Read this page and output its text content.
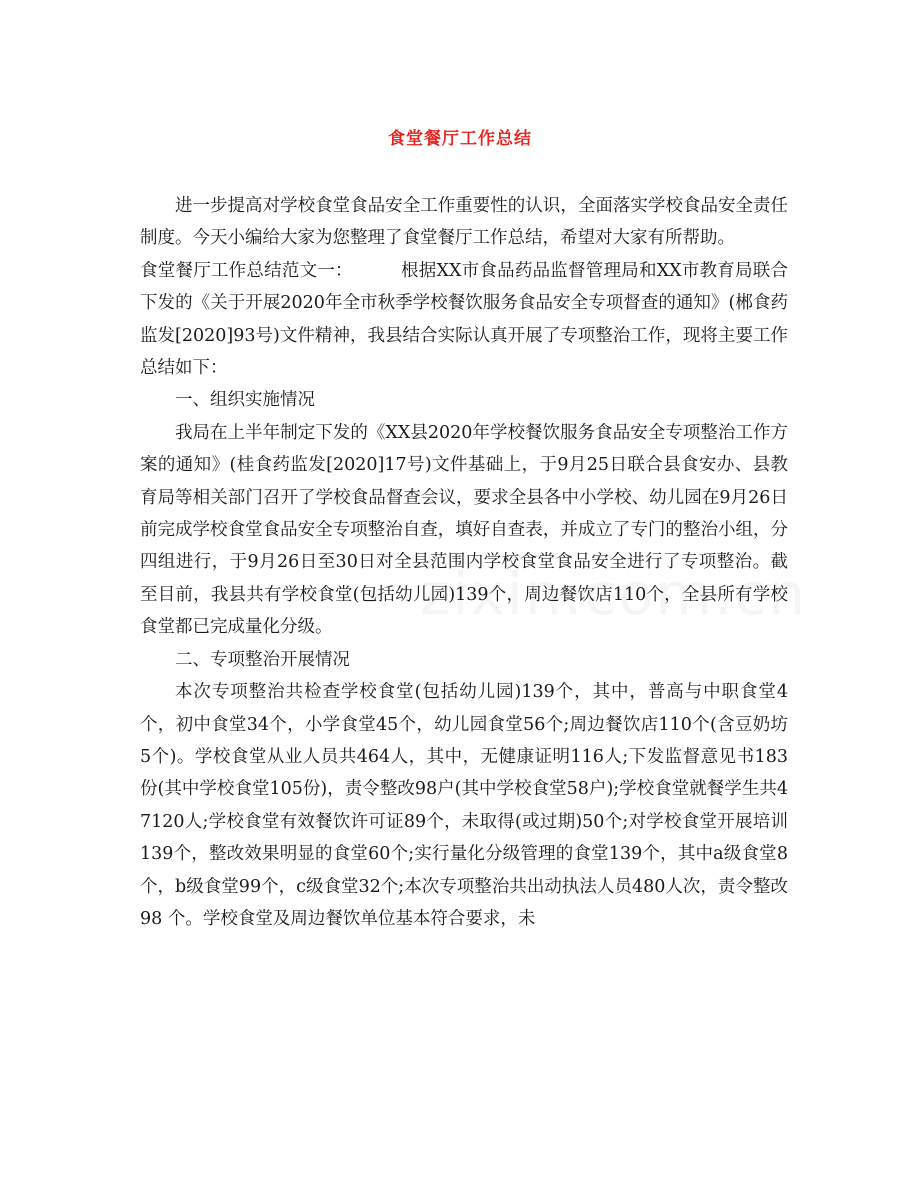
食堂餐厅工作总结

进一步提高对学校食堂食品安全工作重要性的认识，全面落实学校食品安全责任制度。今天小编给大家为您整理了食堂餐厅工作总结，希望对大家有所帮助。

食堂餐厅工作总结范文一：	根据XX市食品药品监督管理局和XX市教育局联合下发的《关于开展2020年全市秋季学校餐饮服务食品安全专项督查的通知》(郴食药监发[2020]93号)文件精神，我县结合实际认真开展了专项整治工作，现将主要工作总结如下：

一、组织实施情况

我局在上半年制定下发的《XX县2020年学校餐饮服务食品安全专项整治工作方案的通知》(桂食药监发[2020]17号)文件基础上，于9月25日联合县食安办、县教育局等相关部门召开了学校食品督查会议，要求全县各中小学校、幼儿园在9月26日前完成学校食堂食品安全专项整治自查，填好自查表，并成立了专门的整治小组，分四组进行，于9月26日至30日对全县范围内学校食堂食品安全进行了专项整治。截至目前，我县共有学校食堂(包括幼儿园)139个，周边餐饮店110个，全县所有学校食堂都已完成量化分级。

二、专项整治开展情况

本次专项整治共检查学校食堂(包括幼儿园)139个，其中，普高与中职食堂4个，初中食堂34个，小学食堂45个，幼儿园食堂56个;周边餐饮店110个(含豆奶坊5个)。学校食堂从业人员共464人，其中，无健康证明116人;下发监督意见书183份(其中学校食堂105份)，责令整改98户(其中学校食堂58户);学校食堂就餐学生共47120人;学校食堂有效餐饮许可证89个，未取得(或过期)50个;对学校食堂开展培训139个，整改效果明显的食堂60个;实行量化分级管理的食堂139个，其中a级食堂8个，b级食堂99个，c级食堂32个;本次专项整治共出动执法人员480人次，责令整改98 个。学校食堂及周边餐饮单位基本符合要求，未
